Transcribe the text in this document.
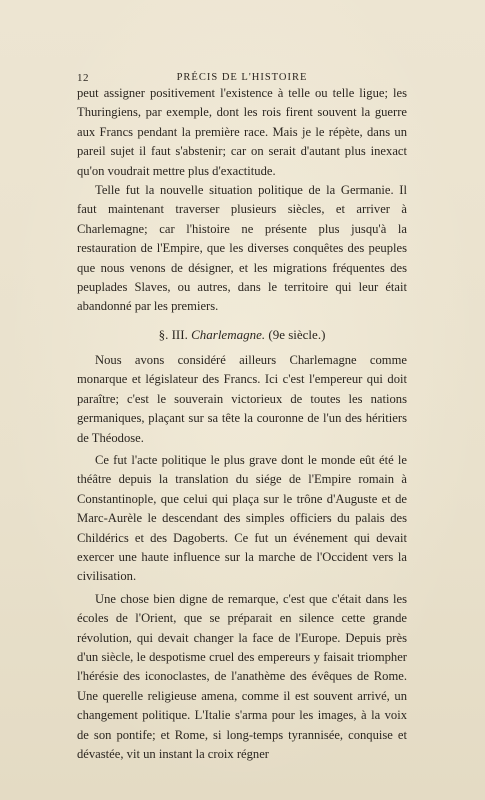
12	PRÉCIS DE L'HISTOIRE

peut assigner positivement l'existence à telle ou telle ligue; les Thuringiens, par exemple, dont les rois firent souvent la guerre aux Francs pendant la première race. Mais je le répète, dans un pareil sujet il faut s'abstenir; car on serait d'autant plus inexact qu'on voudrait mettre plus d'exactitude.

Telle fut la nouvelle situation politique de la Germanie. Il faut maintenant traverser plusieurs siècles, et arriver à Charlemagne; car l'histoire ne présente plus jusqu'à la restauration de l'Empire, que les diverses conquêtes des peuples que nous venons de désigner, et les migrations fréquentes des peuplades Slaves, ou autres, dans le territoire qui leur était abandonné par les premiers.

§. III. Charlemagne. (9e siècle.)

Nous avons considéré ailleurs Charlemagne comme monarque et législateur des Francs. Ici c'est l'empereur qui doit paraître; c'est le souverain victorieux de toutes les nations germaniques, plaçant sur sa tête la couronne de l'un des héritiers de Théodose.

Ce fut l'acte politique le plus grave dont le monde eût été le théâtre depuis la translation du siége de l'Empire romain à Constantinople, que celui qui plaça sur le trône d'Auguste et de Marc-Aurèle le descendant des simples officiers du palais des Childérics et des Dagoberts. Ce fut un événement qui devait exercer une haute influence sur la marche de l'Occident vers la civilisation.

Une chose bien digne de remarque, c'est que c'était dans les écoles de l'Orient, que se préparait en silence cette grande révolution, qui devait changer la face de l'Europe. Depuis près d'un siècle, le despotisme cruel des empereurs y faisait triompher l'hérésie des iconoclastes, de l'anathème des évêques de Rome. Une querelle religieuse amena, comme il est souvent arrivé, un changement politique. L'Italie s'arma pour les images, à la voix de son pontife; et Rome, si long-temps tyrannisée, conquise et dévastée, vit un instant la croix régner
